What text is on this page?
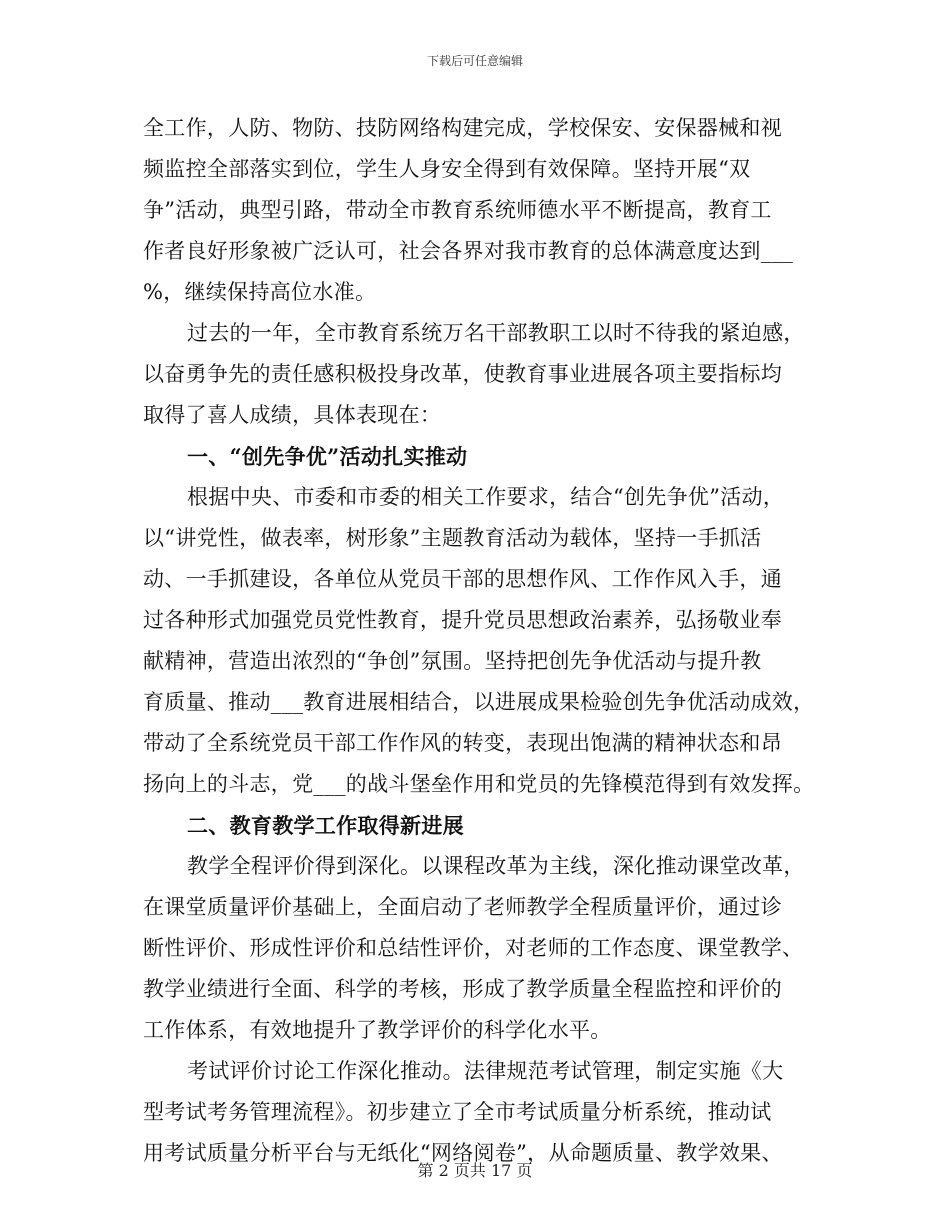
下载后可任意编辑
全工作，人防、物防、技防网络构建完成，学校保安、安保器械和视
频监控全部落实到位，学生人身安全得到有效保障。坚持开展“双
争”活动，典型引路，带动全市教育系统师德水平不断提高，教育工
作者良好形象被广泛认可，社会各界对我市教育的总体满意度达到___
%，继续保持高位水准。
过去的一年，全市教育系统万名干部教职工以时不待我的紧迫感，
以奋勇争先的责任感积极投身改革，使教育事业进展各项主要指标均
取得了喜人成绩，具体表现在：
一、“创先争优”活动扎实推动
根据中央、市委和市委的相关工作要求，结合“创先争优”活动，
以“讲党性，做表率，树形象”主题教育活动为载体，坚持一手抓活
动、一手抓建设，各单位从党员干部的思想作风、工作作风入手，通
过各种形式加强党员党性教育，提升党员思想政治素养，弘扬敬业奉
献精神，营造出浓烈的“争创”氛围。坚持把创先争优活动与提升教
育质量、推动___教育进展相结合，以进展成果检验创先争优活动成效，
带动了全系统党员干部工作作风的转变，表现出饱满的精神状态和昂
扬向上的斗志，党___的战斗堡垒作用和党员的先锋模范得到有效发挥。
二、教育教学工作取得新进展
教学全程评价得到深化。以课程改革为主线，深化推动课堂改革，
在课堂质量评价基础上，全面启动了老师教学全程质量评价，通过诊
断性评价、形成性评价和总结性评价，对老师的工作态度、课堂教学、
教学业绩进行全面、科学的考核，形成了教学质量全程监控和评价的
工作体系，有效地提升了教学评价的科学化水平。
考试评价讨论工作深化推动。法律规范考试管理，制定实施《大
型考试考务管理流程》。初步建立了全市考试质量分析系统，推动试
用考试质量分析平台与无纸化“网络阅卷”，从命题质量、教学效果、
第 2 页共 17 页
